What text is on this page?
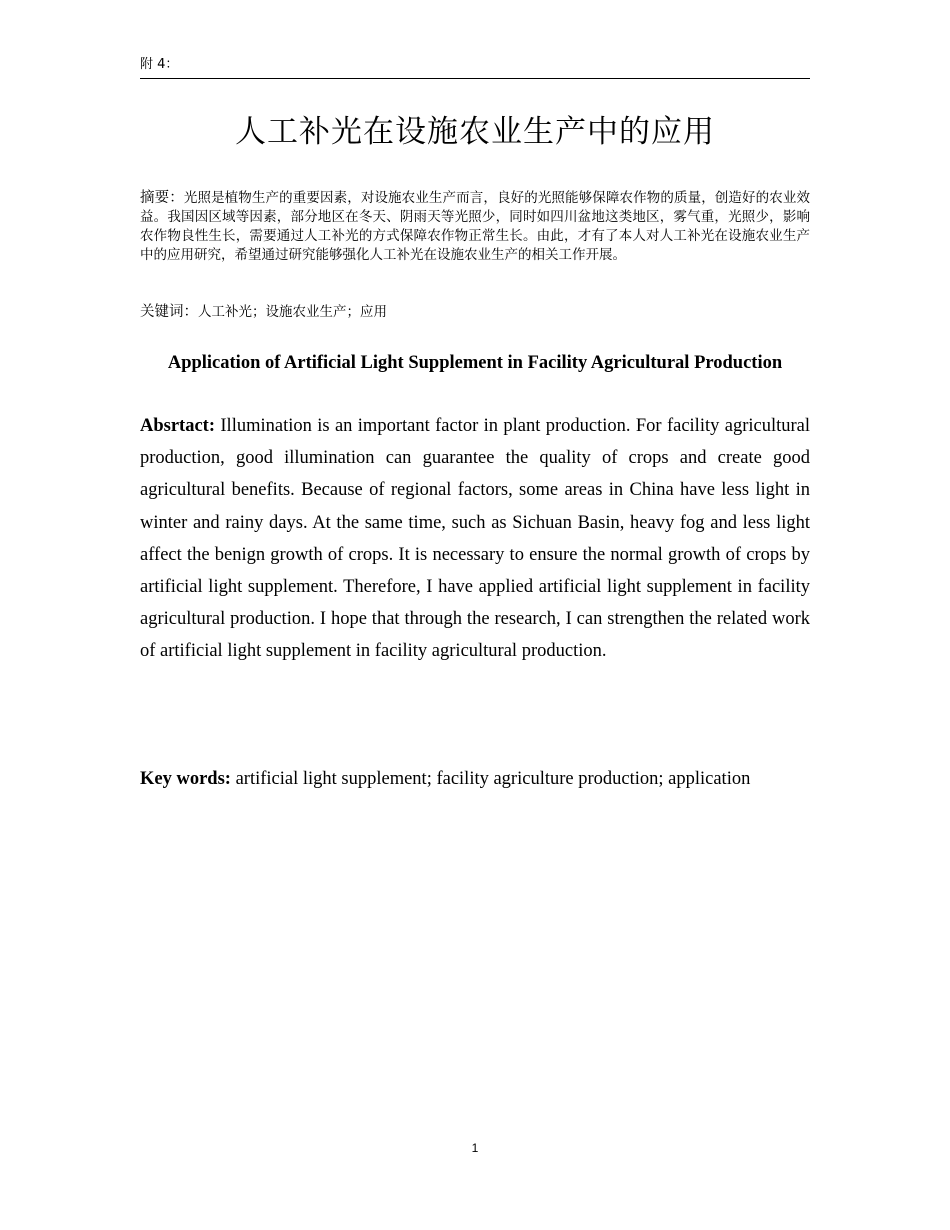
附 4：
人工补光在设施农业生产中的应用
摘要：光照是植物生产的重要因素，对设施农业生产而言，良好的光照能够保障农作物的质量，创造好的农业效益。我国因区域等因素，部分地区在冬天、阴雨天等光照少，同时如四川盆地这类地区，雾气重，光照少，影响农作物良性生长，需要通过人工补光的方式保障农作物正常生长。由此，才有了本人对人工补光在设施农业生产中的应用研究，希望通过研究能够强化人工补光在设施农业生产的相关工作开展。
关键词：人工补光；设施农业生产；应用
Application of Artificial Light Supplement in Facility Agricultural Production
Absrtact: Illumination is an important factor in plant production. For facility agricultural production, good illumination can guarantee the quality of crops and create good agricultural benefits. Because of regional factors, some areas in China have less light in winter and rainy days. At the same time, such as Sichuan Basin, heavy fog and less light affect the benign growth of crops. It is necessary to ensure the normal growth of crops by artificial light supplement. Therefore, I have applied artificial light supplement in facility agricultural production. I hope that through the research, I can strengthen the related work of artificial light supplement in facility agricultural production.
Key words: artificial light supplement; facility agriculture production; application
1
